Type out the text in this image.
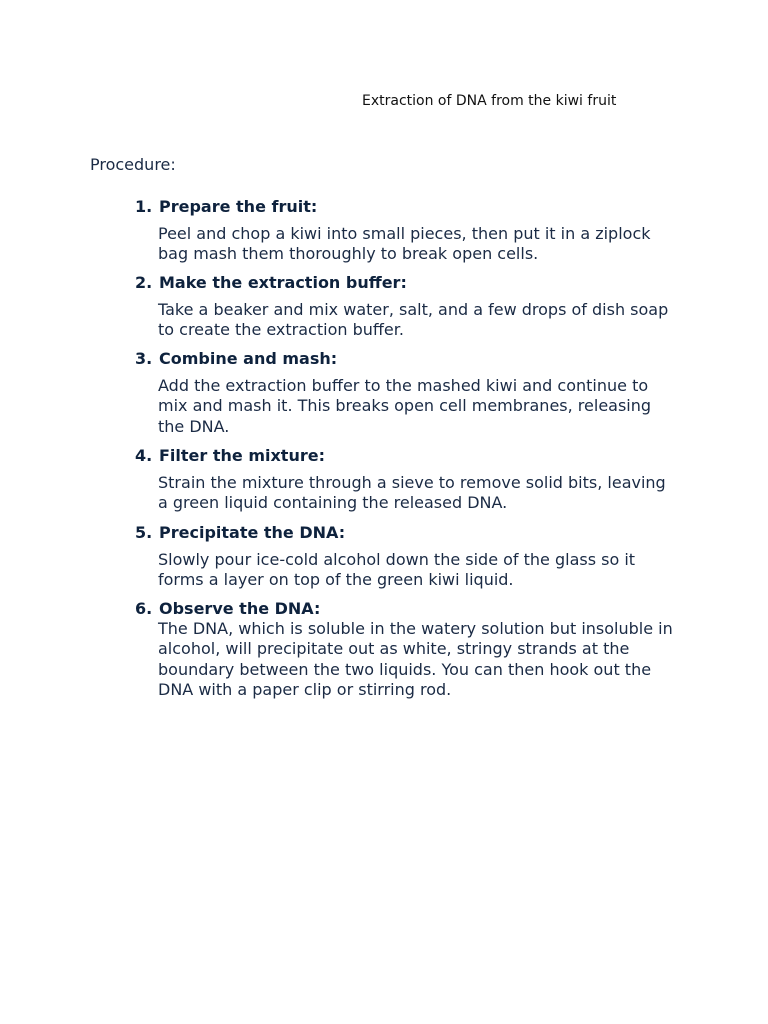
Extraction of DNA from the kiwi fruit
Procedure:
1. Prepare the fruit:
Peel and chop a kiwi into small pieces, then put it in a ziplock bag mash them thoroughly to break open cells.
2. Make the extraction buffer:
Take a beaker and mix water, salt, and a few drops of dish soap to create the extraction buffer.
3. Combine and mash:
Add the extraction buffer to the mashed kiwi and continue to mix and mash it. This breaks open cell membranes, releasing the DNA.
4. Filter the mixture:
Strain the mixture through a sieve to remove solid bits, leaving a green liquid containing the released DNA.
5. Precipitate the DNA:
Slowly pour ice-cold alcohol down the side of the glass so it forms a layer on top of the green kiwi liquid.
6. Observe the DNA:
The DNA, which is soluble in the watery solution but insoluble in alcohol, will precipitate out as white, stringy strands at the boundary between the two liquids. You can then hook out the DNA with a paper clip or stirring rod.
